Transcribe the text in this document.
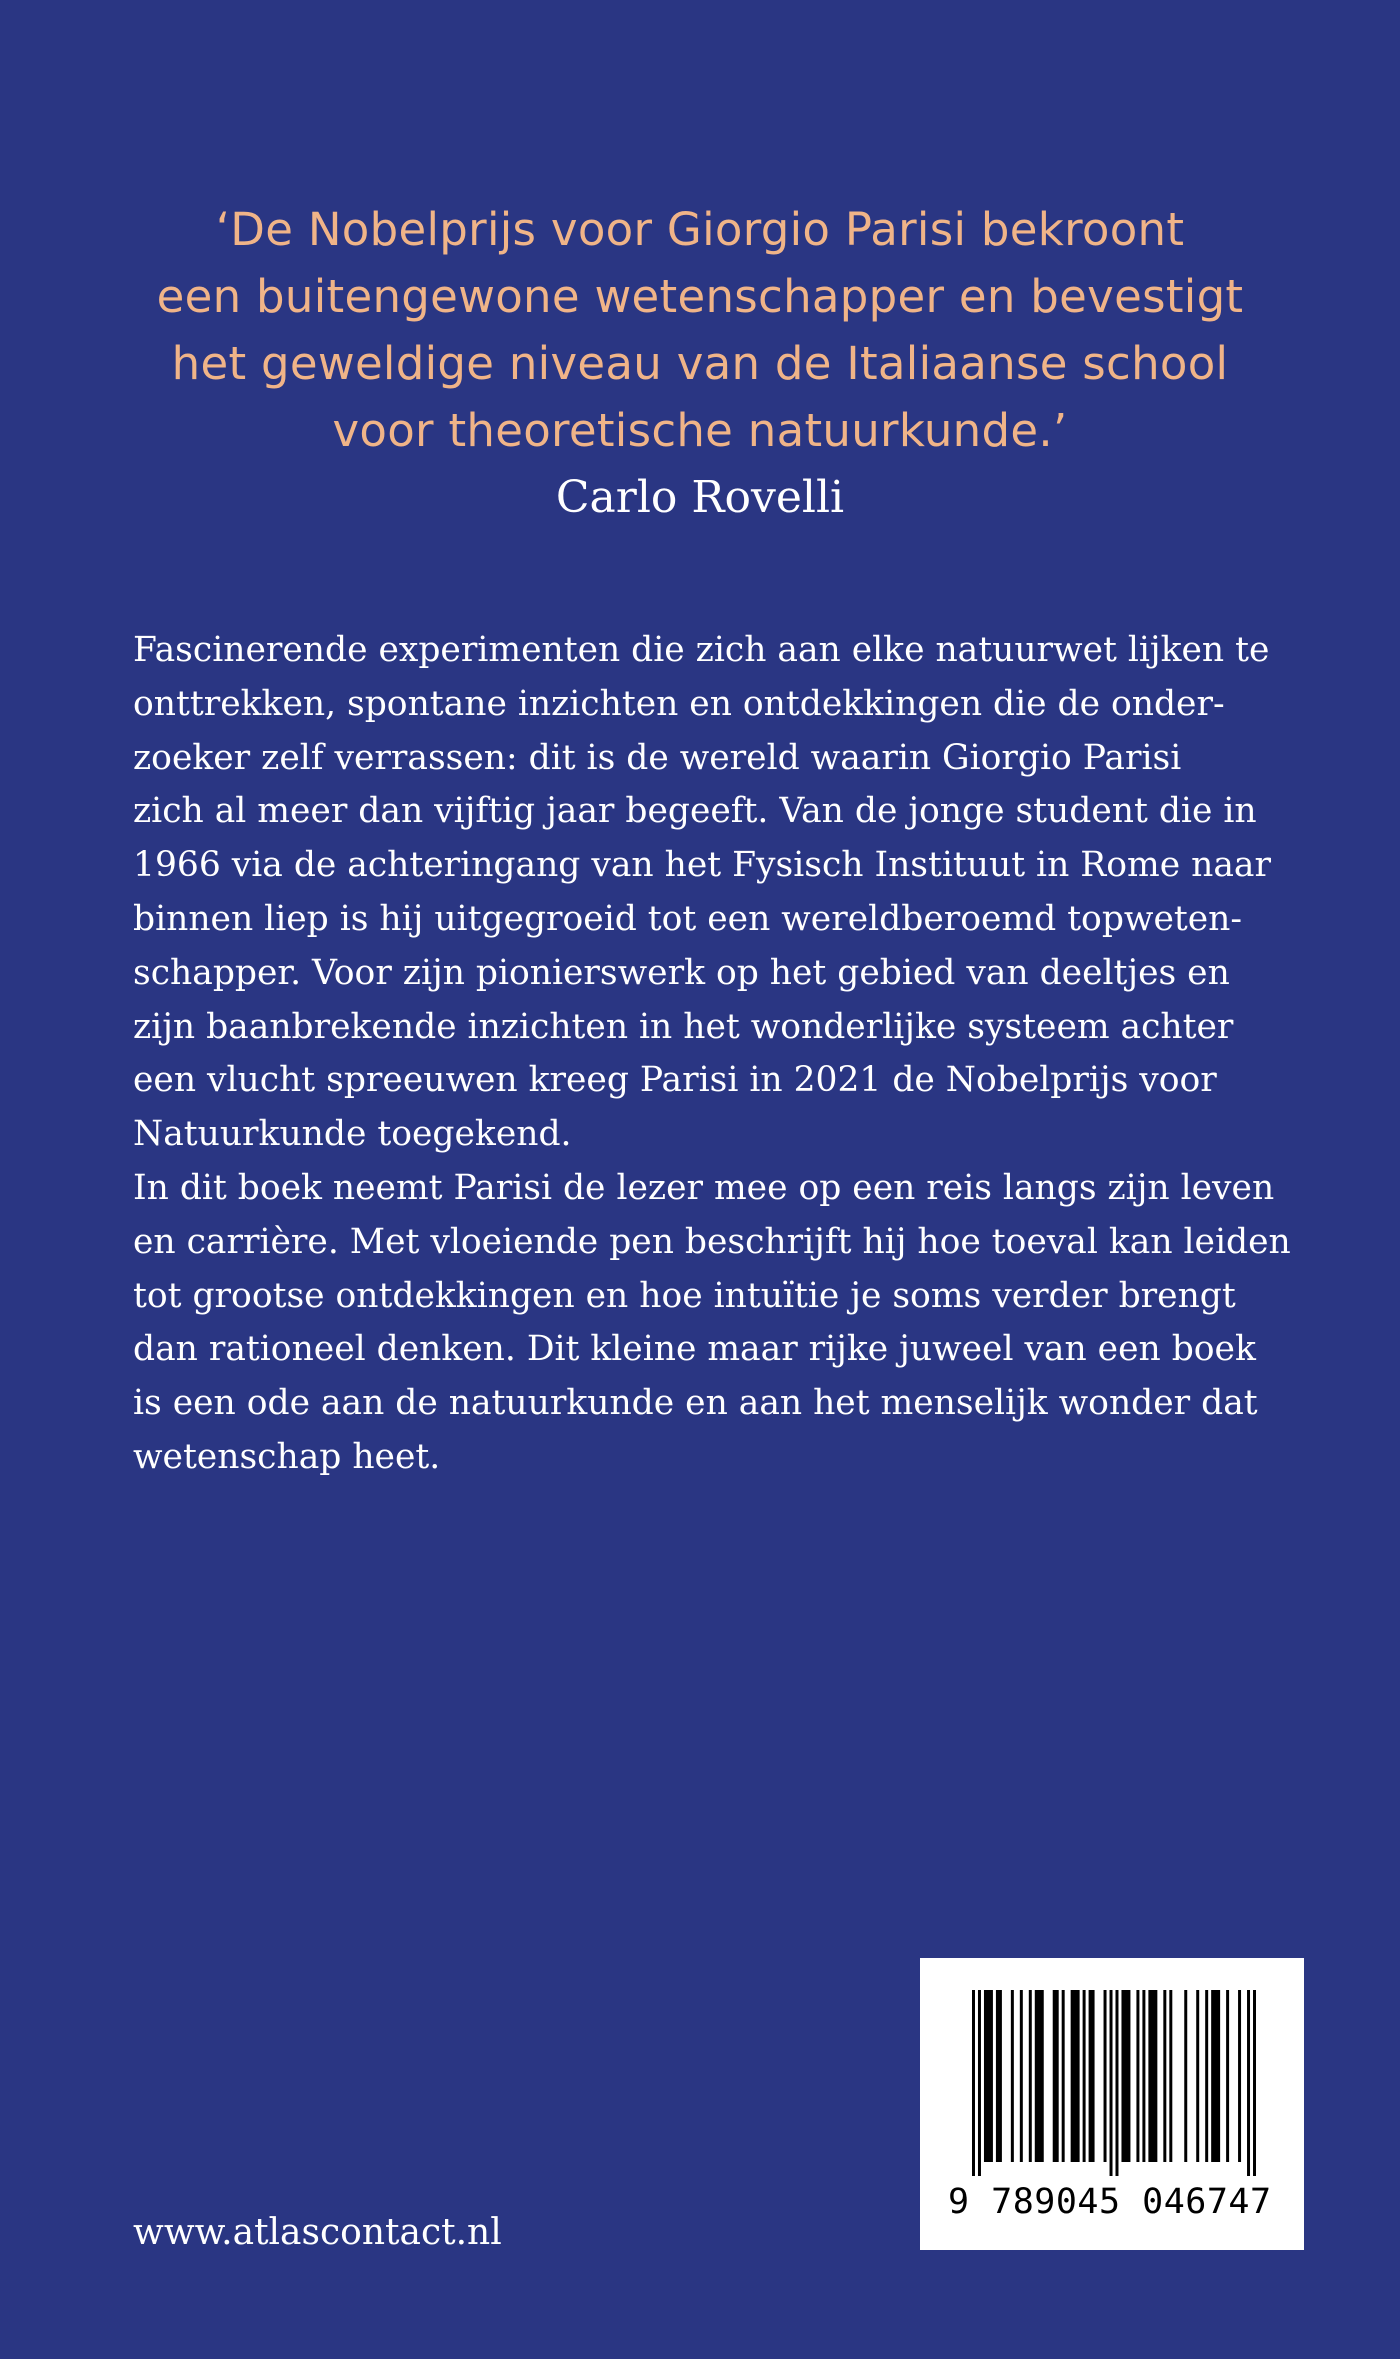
‘De Nobelprijs voor Giorgio Parisi bekroont
een buitengewone wetenschapper en bevestigt
het geweldige niveau van de Italiaanse school
voor theoretische natuurkunde.’
Carlo Rovelli
Fascinerende experimenten die zich aan elke natuurwet lijken te
onttrekken, spontane inzichten en ontdekkingen die de onder-
zoeker zelf verrassen: dit is de wereld waarin Giorgio Parisi
zich al meer dan vijftig jaar begeeft. Van de jonge student die in
1966 via de achteringang van het Fysisch Instituut in Rome naar
binnen liep is hij uitgegroeid tot een wereldberoemd topweten-
schapper. Voor zijn pionierswerk op het gebied van deeltjes en
zijn baanbrekende inzichten in het wonderlijke systeem achter
een vlucht spreeuwen kreeg Parisi in 2021 de Nobelprijs voor
Natuurkunde toegekend.
In dit boek neemt Parisi de lezer mee op een reis langs zijn leven
en carrière. Met vloeiende pen beschrijft hij hoe toeval kan leiden
tot grootse ontdekkingen en hoe intuïtie je soms verder brengt
dan rationeel denken. Dit kleine maar rijke juweel van een boek
is een ode aan de natuurkunde en aan het menselijk wonder dat
wetenschap heet.
www.atlascontact.nl
9 789045 046747
